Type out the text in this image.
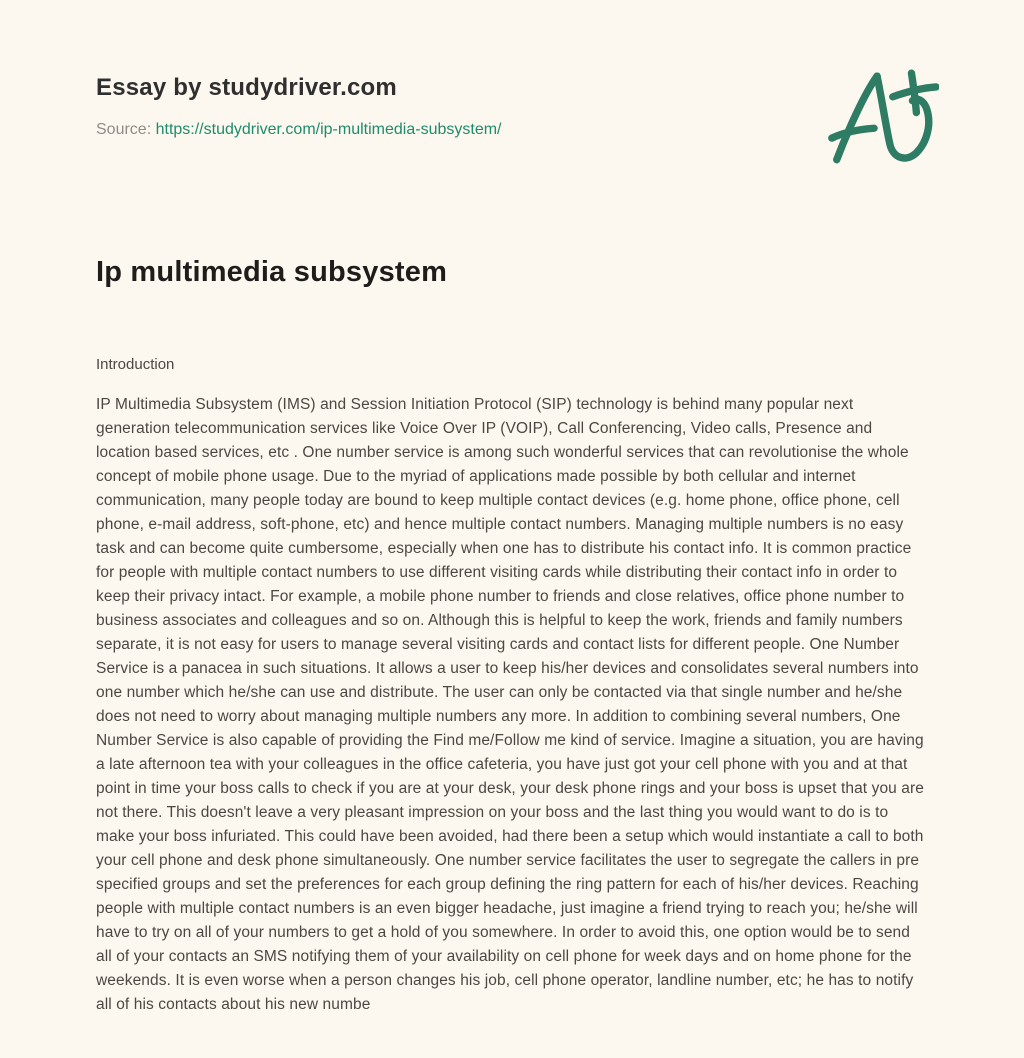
Essay by studydriver.com
Source: https://studydriver.com/ip-multimedia-subsystem/
Ip multimedia subsystem
Introduction
IP Multimedia Subsystem (IMS) and Session Initiation Protocol (SIP) technology is behind many popular next generation telecommunication services like Voice Over IP (VOIP), Call Conferencing, Video calls, Presence and location based services, etc . One number service is among such wonderful services that can revolutionise the whole concept of mobile phone usage. Due to the myriad of applications made possible by both cellular and internet communication, many people today are bound to keep multiple contact devices (e.g. home phone, office phone, cell phone, e-mail address, soft-phone, etc) and hence multiple contact numbers. Managing multiple numbers is no easy task and can become quite cumbersome, especially when one has to distribute his contact info. It is common practice for people with multiple contact numbers to use different visiting cards while distributing their contact info in order to keep their privacy intact. For example, a mobile phone number to friends and close relatives, office phone number to business associates and colleagues and so on. Although this is helpful to keep the work, friends and family numbers separate, it is not easy for users to manage several visiting cards and contact lists for different people. One Number Service is a panacea in such situations. It allows a user to keep his/her devices and consolidates several numbers into one number which he/she can use and distribute. The user can only be contacted via that single number and he/she does not need to worry about managing multiple numbers any more. In addition to combining several numbers, One Number Service is also capable of providing the Find me/Follow me kind of service. Imagine a situation, you are having a late afternoon tea with your colleagues in the office cafeteria, you have just got your cell phone with you and at that point in time your boss calls to check if you are at your desk, your desk phone rings and your boss is upset that you are not there. This doesn't leave a very pleasant impression on your boss and the last thing you would want to do is to make your boss infuriated. This could have been avoided, had there been a setup which would instantiate a call to both your cell phone and desk phone simultaneously. One number service facilitates the user to segregate the callers in pre specified groups and set the preferences for each group defining the ring pattern for each of his/her devices. Reaching people with multiple contact numbers is an even bigger headache, just imagine a friend trying to reach you; he/she will have to try on all of your numbers to get a hold of you somewhere. In order to avoid this, one option would be to send all of your contacts an SMS notifying them of your availability on cell phone for week days and on home phone for the weekends. It is even worse when a person changes his job, cell phone operator, landline number, etc; he has to notify all of his contacts about his new numbe
